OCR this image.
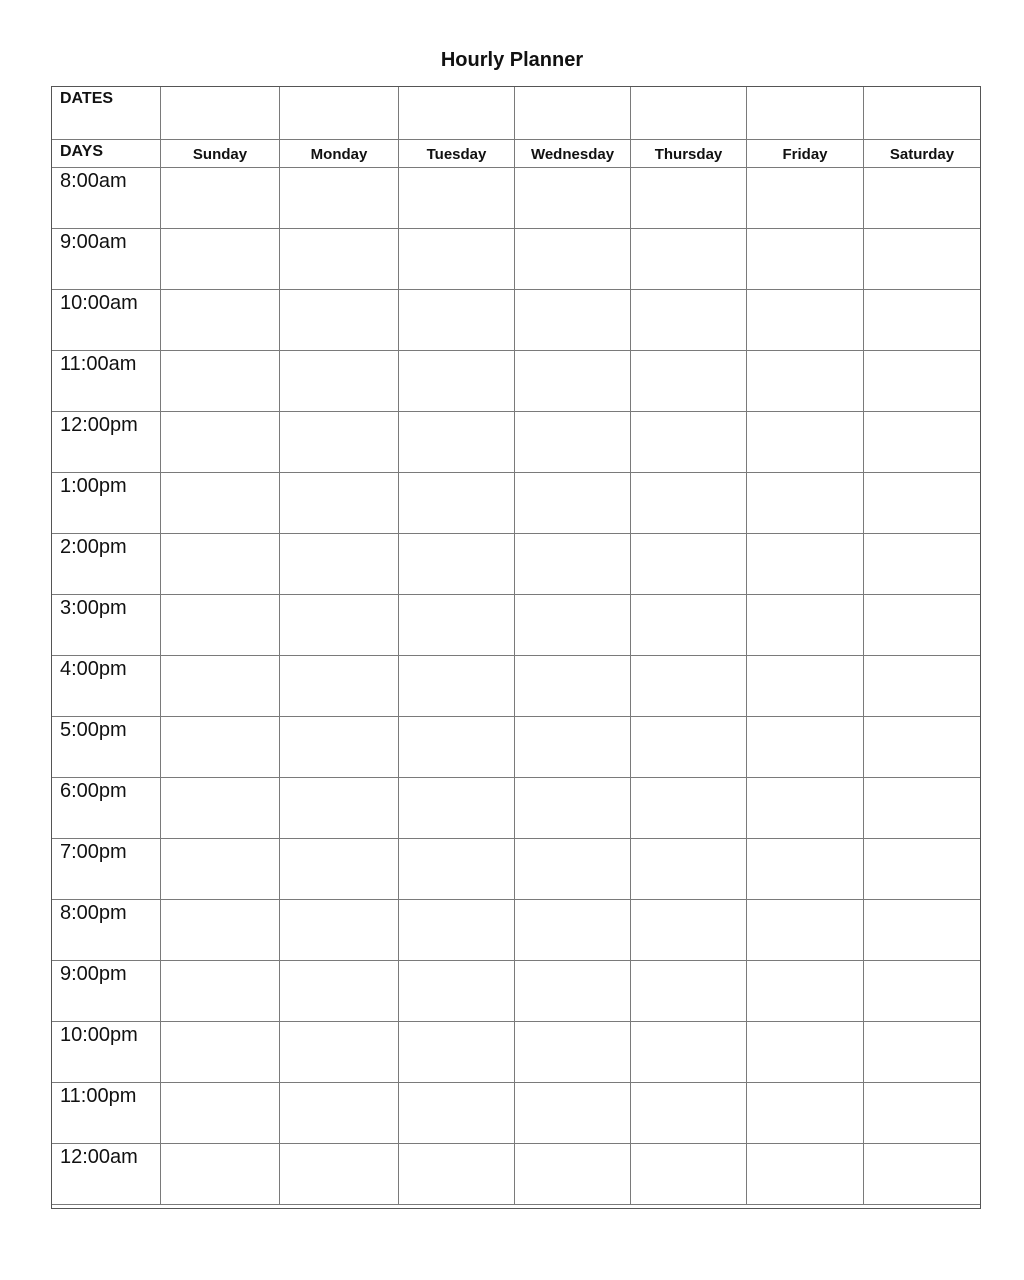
Hourly Planner
DATES							
DAYS	Sunday	Monday	Tuesday	Wednesday	Thursday	Friday	Saturday
8:00am							
9:00am							
10:00am							
11:00am							
12:00pm							
1:00pm							
2:00pm							
3:00pm							
4:00pm							
5:00pm							
6:00pm							
7:00pm							
8:00pm							
9:00pm							
10:00pm							
11:00pm							
12:00am							
